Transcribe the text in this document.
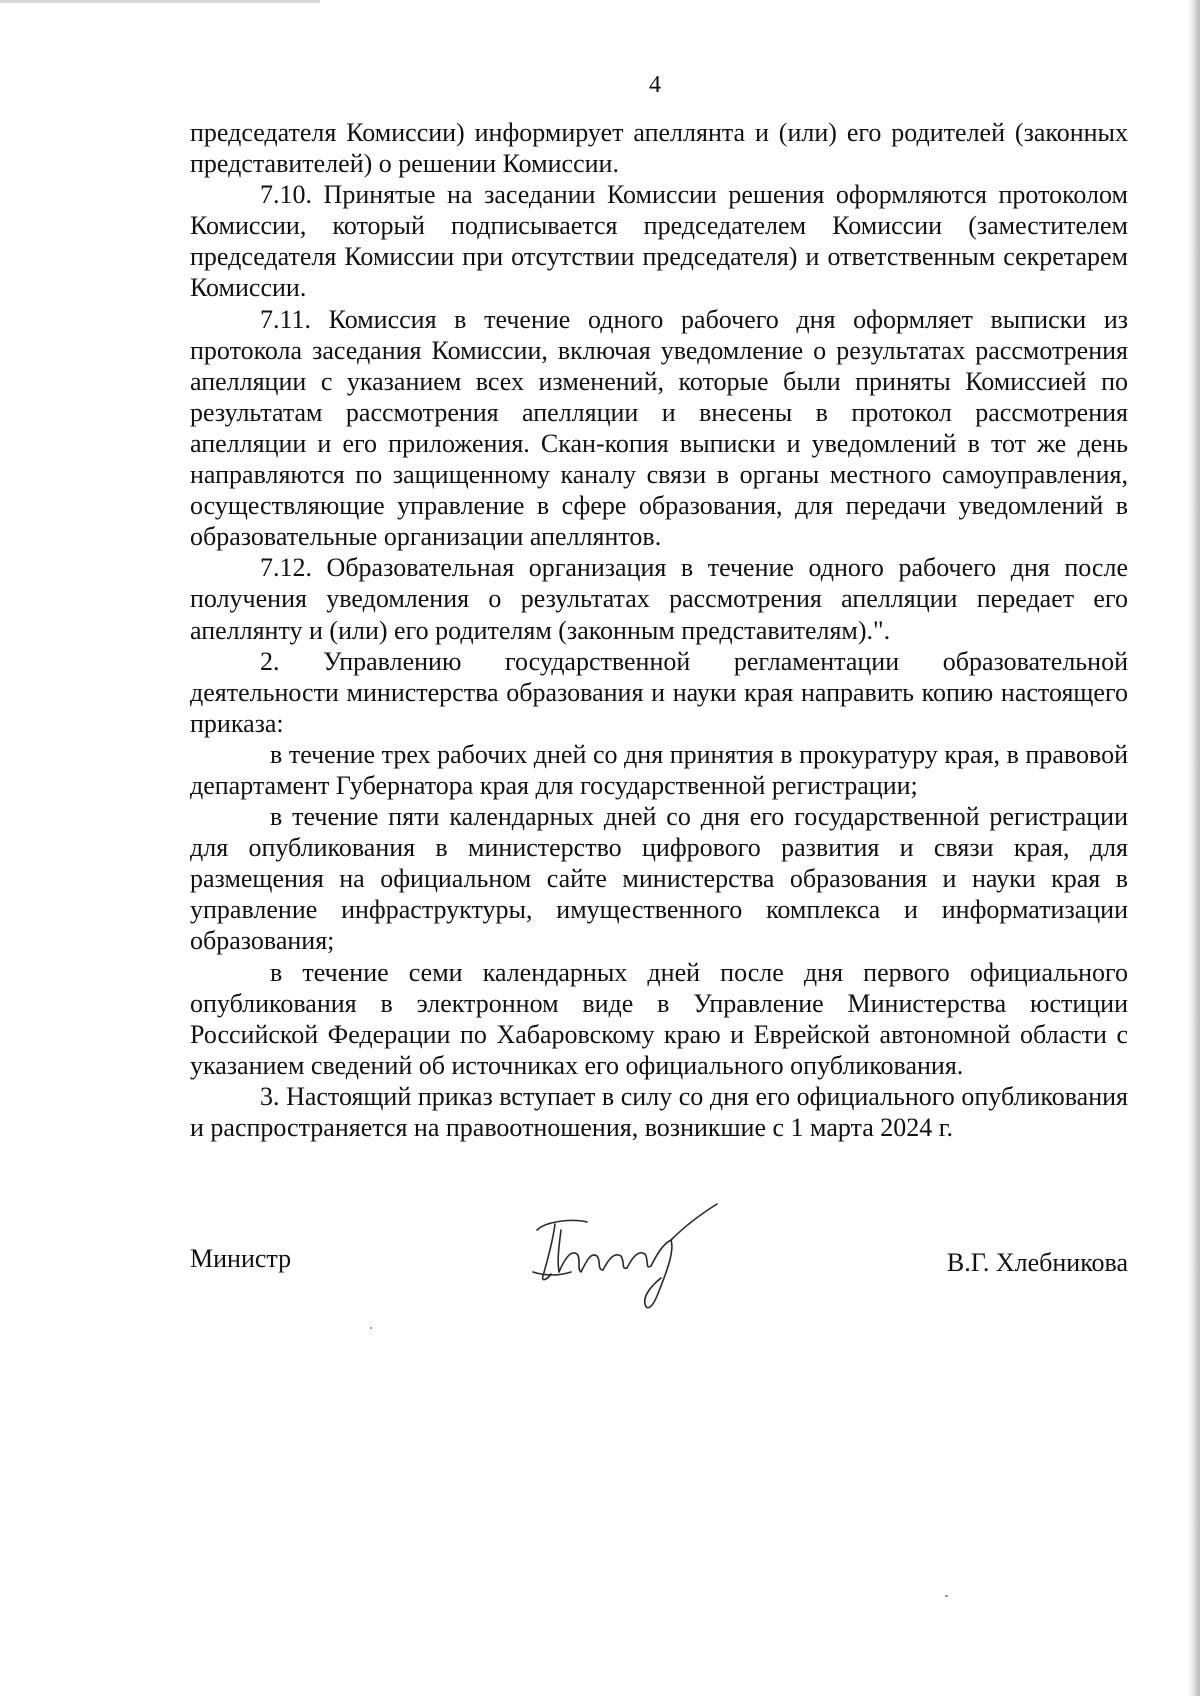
4

председателя Комиссии) информирует апеллянта и (или) его родителей (законных представителей) о решении Комиссии.

7.10. Принятые на заседании Комиссии решения оформляются протоколом Комиссии, который подписывается председателем Комиссии (заместителем председателя Комиссии при отсутствии председателя) и ответственным секретарем Комиссии.

7.11. Комиссия в течение одного рабочего дня оформляет выписки из протокола заседания Комиссии, включая уведомление о результатах рассмотрения апелляции с указанием всех изменений, которые были приняты Комиссией по результатам рассмотрения апелляции и внесены в протокол рассмотрения апелляции и его приложения. Скан-копия выписки и уведомлений в тот же день направляются по защищенному каналу связи в органы местного самоуправления, осуществляющие управление в сфере образования, для передачи уведомлений в образовательные организации апеллянтов.

7.12. Образовательная организация в течение одного рабочего дня после получения уведомления о результатах рассмотрения апелляции передает его апеллянту и (или) его родителям (законным представителям).".

2. Управлению государственной регламентации образовательной деятельности министерства образования и науки края направить копию настоящего приказа:

в течение трех рабочих дней со дня принятия в прокуратуру края, в правовой департамент Губернатора края для государственной регистрации;

в течение пяти календарных дней со дня его государственной регистрации для опубликования в министерство цифрового развития и связи края, для размещения на официальном сайте министерства образования и науки края в управление инфраструктуры, имущественного комплекса и информатизации образования;

в течение семи календарных дней после дня первого официального опубликования в электронном виде в Управление Министерства юстиции Российской Федерации по Хабаровскому краю и Еврейской автономной области с указанием сведений об источниках его официального опубликования.

3. Настоящий приказ вступает в силу со дня его официального опубликования и распространяется на правоотношения, возникшие с 1 марта 2024 г.

Министр	В.Г. Хлебникова
